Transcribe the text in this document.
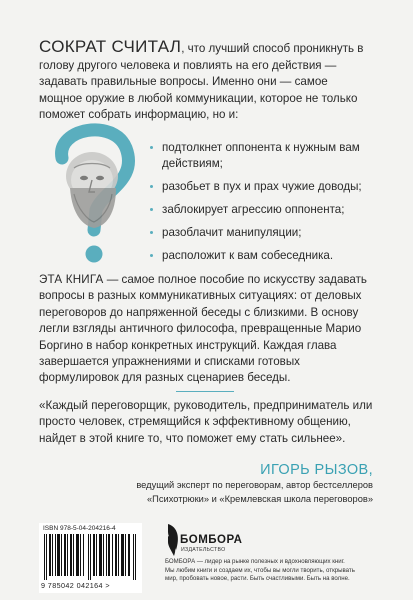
СОКРАТ СЧИТАЛ, что лучший способ проникнуть в голову другого человека и повлиять на его действия — задавать правильные вопросы. Именно они — самое мощное оружие в любой коммуникации, которое не только поможет собрать информацию, но и:

подтолкнет оппонента к нужным вам действиям;
разобьет в пух и прах чужие доводы;
заблокирует агрессию оппонента;
разоблачит манипуляции;
расположит к вам собеседника.

ЭТА КНИГА — самое полное пособие по искусству задавать вопросы в разных коммуникативных ситуациях: от деловых переговоров до напряженной беседы с близкими. В основу легли взгляды античного философа, превращенные Марио Боргино в набор конкретных инструкций. Каждая глава завершается упражнениями и списками готовых формулировок для разных сценариев беседы.

«Каждый переговорщик, руководитель, предприниматель или просто человек, стремящийся к эффективному общению, найдет в этой книге то, что поможет ему стать сильнее».

ИГОРЬ РЫЗОВ,

ведущий эксперт по переговорам, автор бестселлеров
«Психотрюки» и «Кремлевская школа переговоров»

ISBN 978-5-04-204216-4
9 785042 042164 >
БОМБОРА
ИЗДАТЕЛЬСТВО

БОМБОРА — лидер на рынке полезных и вдохновляющих книг.
Мы любим книги и создаем их, чтобы вы могли творить, открывать
мир, пробовать новое, расти. Быть счастливыми. Быть на волне.
